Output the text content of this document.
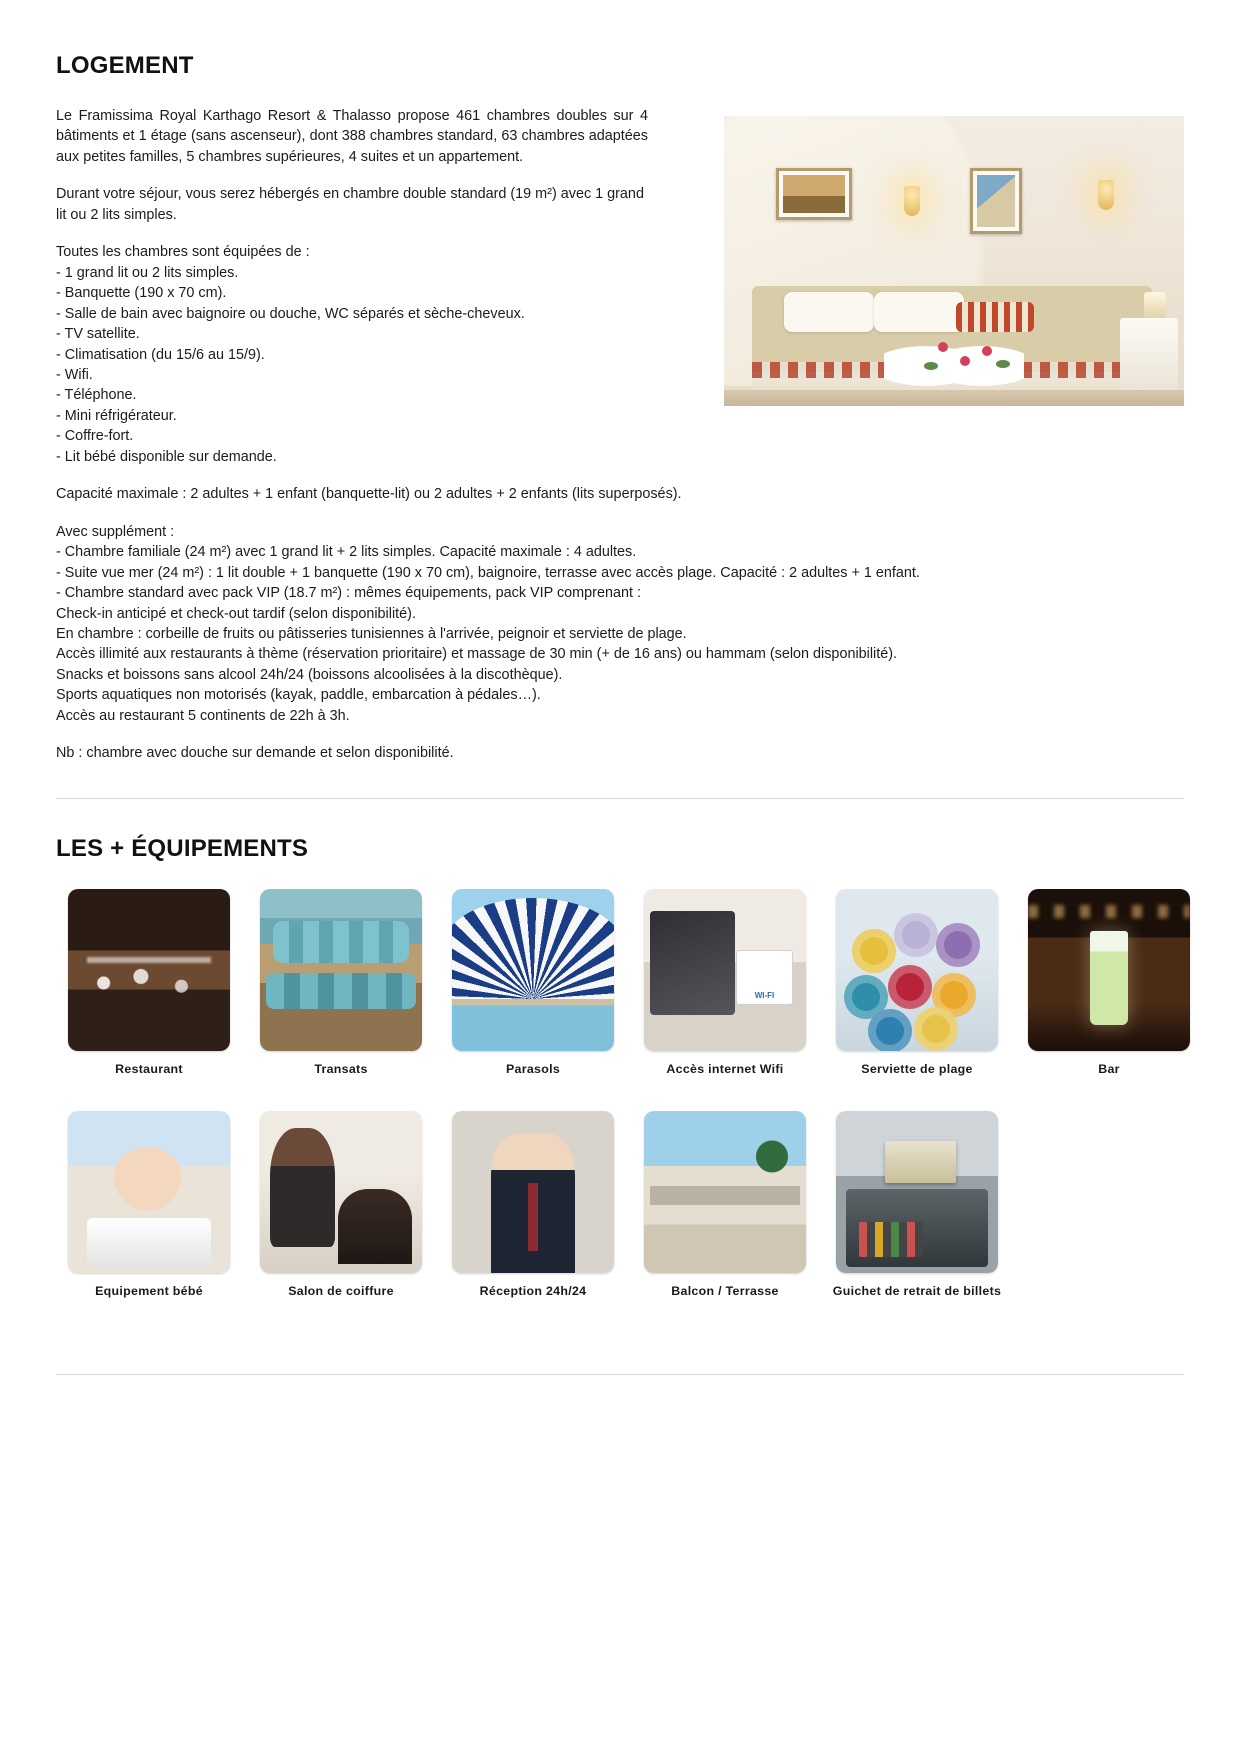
LOGEMENT

Le Framissima Royal Karthago Resort & Thalasso propose 461 chambres doubles sur 4 bâtiments et 1 étage (sans ascenseur), dont 388 chambres standard, 63 chambres adaptées aux petites familles, 5 chambres supérieures, 4 suites et un appartement.

Durant votre séjour, vous serez hébergés en chambre double standard (19 m²) avec 1 grand lit ou 2 lits simples.

Toutes les chambres sont équipées de :
- 1 grand lit ou 2 lits simples.
- Banquette (190 x 70 cm).
- Salle de bain avec baignoire ou douche, WC séparés et sèche-cheveux.
- TV satellite.
- Climatisation (du 15/6 au 15/9).
- Wifi.
- Téléphone.
- Mini réfrigérateur.
- Coffre-fort.
- Lit bébé disponible sur demande.

Capacité maximale : 2 adultes + 1 enfant (banquette-lit) ou 2 adultes + 2 enfants (lits superposés).

Avec supplément :
- Chambre familiale (24 m²) avec 1 grand lit + 2 lits simples. Capacité maximale : 4 adultes.
- Suite vue mer (24 m²) : 1 lit double + 1 banquette (190 x 70 cm), baignoire, terrasse avec accès plage. Capacité : 2 adultes + 1 enfant.
- Chambre standard avec pack VIP (18.7 m²) : mêmes équipements, pack VIP comprenant :
Check-in anticipé et check-out tardif (selon disponibilité).
En chambre : corbeille de fruits ou pâtisseries tunisiennes à l'arrivée, peignoir et serviette de plage.
Accès illimité aux restaurants à thème (réservation prioritaire) et massage de 30 min (+ de 16 ans) ou hammam (selon disponibilité).
Snacks et boissons sans alcool 24h/24 (boissons alcoolisées à la discothèque).
Sports aquatiques non motorisés (kayak, paddle, embarcation à pédales…).
Accès au restaurant 5 continents de 22h à 3h.

Nb : chambre avec douche sur demande et selon disponibilité.

LES + ÉQUIPEMENTS
Restaurant	Transats	Parasols
WI-FI	Accès internet Wifi	Serviette de plage	Bar
Equipement bébé	Salon de coiffure	Réception 24h/24	Balcon / Terrasse	Guichet de retrait de billets
